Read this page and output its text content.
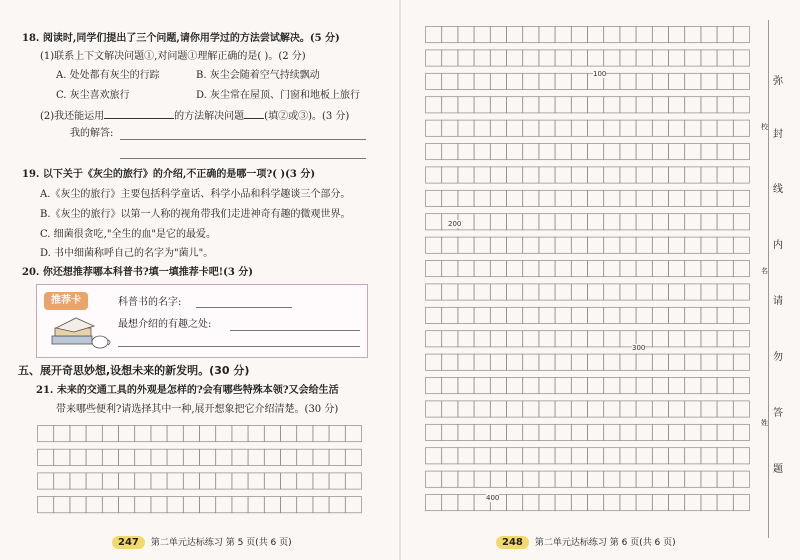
18. 阅读时,同学们提出了三个问题,请你用学过的方法尝试解决。(5 分)
(1)联系上下文解决问题①,对问题①理解正确的是( )。(2 分)
A. 处处都有灰尘的行踪	B. 灰尘会随着空气持续飘动
C. 灰尘喜欢旅行	D. 灰尘常在屋顶、门窗和地板上旅行
(2)我还能运用	的方法解决问题 (填②或③)。(3 分)
我的解答:
19. 以下关于《灰尘的旅行》的介绍,不正确的是哪一项?( )(3 分)
A.《灰尘的旅行》主要包括科学童话、科学小品和科学趣谈三个部分。
B.《灰尘的旅行》以第一人称的视角带我们走进神奇有趣的微观世界。
C. 细菌很贪吃,"全生的血"是它的最爱。
D. 书中细菌称呼自己的名字为"菌儿"。
20. 你还想推荐哪本科普书?填一填推荐卡吧!(3 分)
推荐卡	科普书的名字:
最想介绍的有趣之处:
五、展开奇思妙想,设想未来的新发明。(30 分)
21. 未来的交通工具的外观是怎样的?会有哪些特殊本领?又会给生活
带来哪些便利?请选择其中一种,展开想象把它介绍清楚。(30 分)
247 第二单元达标练习 第 5 页(共 6 页)
100
200
300
400
248 第二单元达标练习 第 6 页(共 6 页)
弥
封
线
内
请
勿
答
题
校
名
姓
